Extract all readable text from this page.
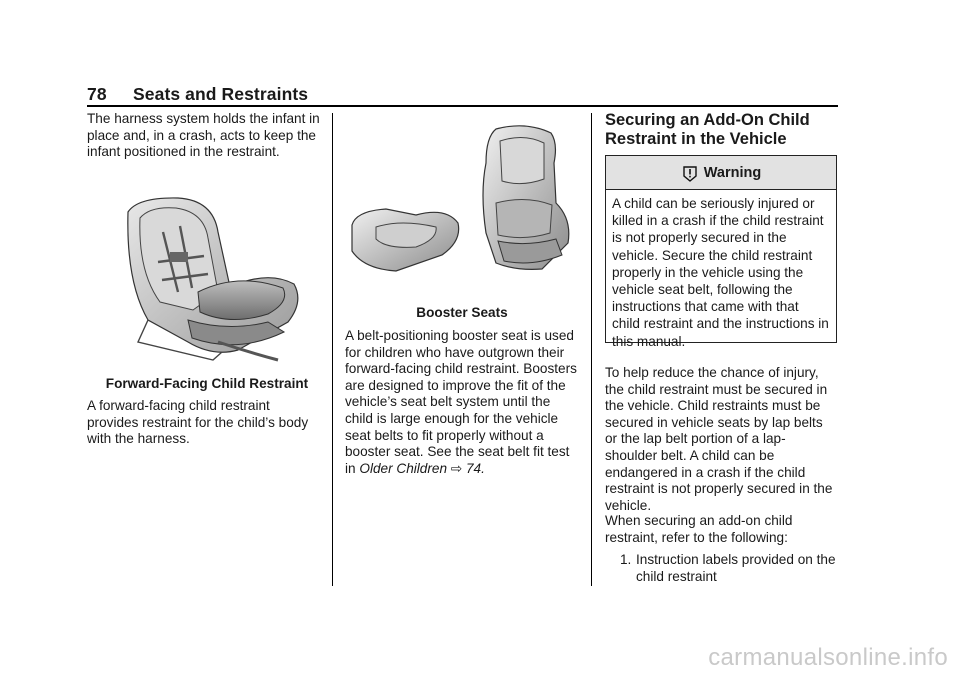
78 Seats and Restraints

The harness system holds the infant in place and, in a crash, acts to keep the infant positioned in the restraint.

Forward-Facing Child Restraint

A forward-facing child restraint provides restraint for the child’s body with the harness.

Booster Seats

A belt-positioning booster seat is used for children who have outgrown their forward-facing child restraint. Boosters are designed to improve the fit of the vehicle’s seat belt system until the child is large enough for the vehicle seat belts to fit properly without a booster seat. See the seat belt fit test in Older Children ⇨ 74.

Securing an Add-On Child Restraint in the Vehicle
Warning
A child can be seriously injured or killed in a crash if the child restraint is not properly secured in the vehicle. Secure the child restraint properly in the vehicle using the vehicle seat belt, following the instructions that came with that child restraint and the instructions in this manual.

To help reduce the chance of injury, the child restraint must be secured in the vehicle. Child restraints must be secured in vehicle seats by lap belts or the lap belt portion of a lap-shoulder belt. A child can be endangered in a crash if the child restraint is not properly secured in the vehicle.

When securing an add-on child restraint, refer to the following:

1. Instruction labels provided on the child restraint
carmanualsonline.info
